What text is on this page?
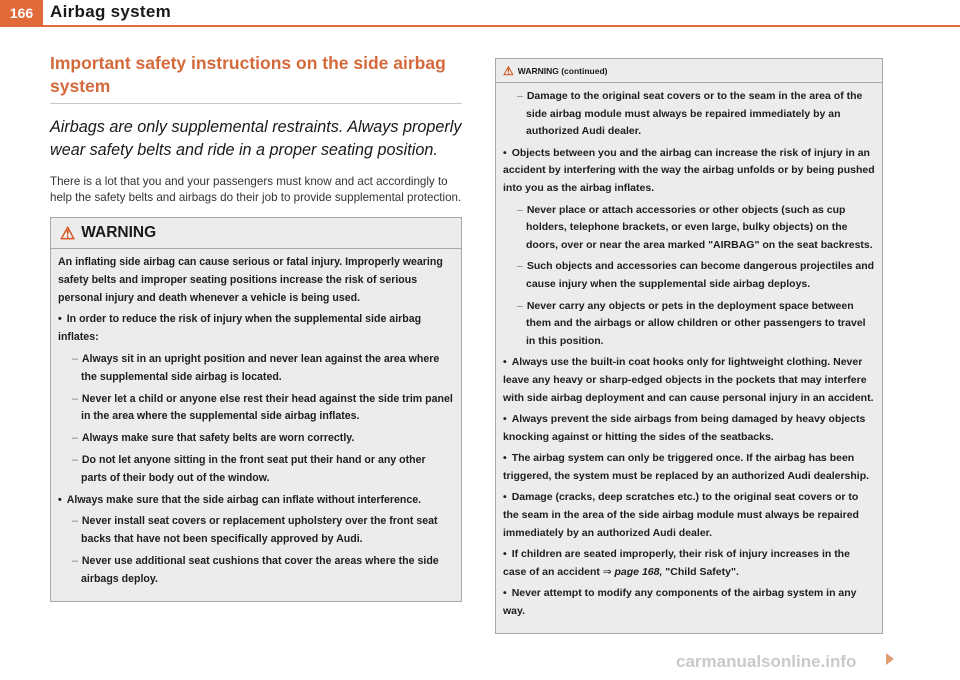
166 Airbag system
Important safety instructions on the side airbag system

Airbags are only supplemental restraints. Always properly wear safety belts and ride in a proper seating position.

There is a lot that you and your passengers must know and act accordingly to help the safety belts and airbags do their job to provide supplemental protection.

⚠ WARNING

An inflating side airbag can cause serious or fatal injury. Improperly wearing safety belts and improper seating positions increase the risk of serious personal injury and death whenever a vehicle is being used.

• In order to reduce the risk of injury when the supplemental side airbag inflates:

– Always sit in an upright position and never lean against the area where the supplemental side airbag is located.

– Never let a child or anyone else rest their head against the side trim panel in the area where the supplemental side airbag inflates.

– Always make sure that safety belts are worn correctly.

– Do not let anyone sitting in the front seat put their hand or any other parts of their body out of the window.

• Always make sure that the side airbag can inflate without interference.

– Never install seat covers or replacement upholstery over the front seat backs that have not been specifically approved by Audi.

– Never use additional seat cushions that cover the areas where the side airbags deploy.

⚠ WARNING (continued)

– Damage to the original seat covers or to the seam in the area of the side airbag module must always be repaired immediately by an authorized Audi dealer.

• Objects between you and the airbag can increase the risk of injury in an accident by interfering with the way the airbag unfolds or by being pushed into you as the airbag inflates.

– Never place or attach accessories or other objects (such as cup holders, telephone brackets, or even large, bulky objects) on the doors, over or near the area marked "AIRBAG" on the seat backrests.

– Such objects and accessories can become dangerous projectiles and cause injury when the supplemental side airbag deploys.

– Never carry any objects or pets in the deployment space between them and the airbags or allow children or other passengers to travel in this position.

• Always use the built-in coat hooks only for lightweight clothing. Never leave any heavy or sharp-edged objects in the pockets that may interfere with side airbag deployment and can cause personal injury in an accident.

• Always prevent the side airbags from being damaged by heavy objects knocking against or hitting the sides of the seatbacks.

• The airbag system can only be triggered once. If the airbag has been triggered, the system must be replaced by an authorized Audi dealership.

• Damage (cracks, deep scratches etc.) to the original seat covers or to the seam in the area of the side airbag module must always be repaired immediately by an authorized Audi dealer.

• If children are seated improperly, their risk of injury increases in the case of an accident ⇒ page 168, "Child Safety".

• Never attempt to modify any components of the airbag system in any way.

carmanualsonline.info
